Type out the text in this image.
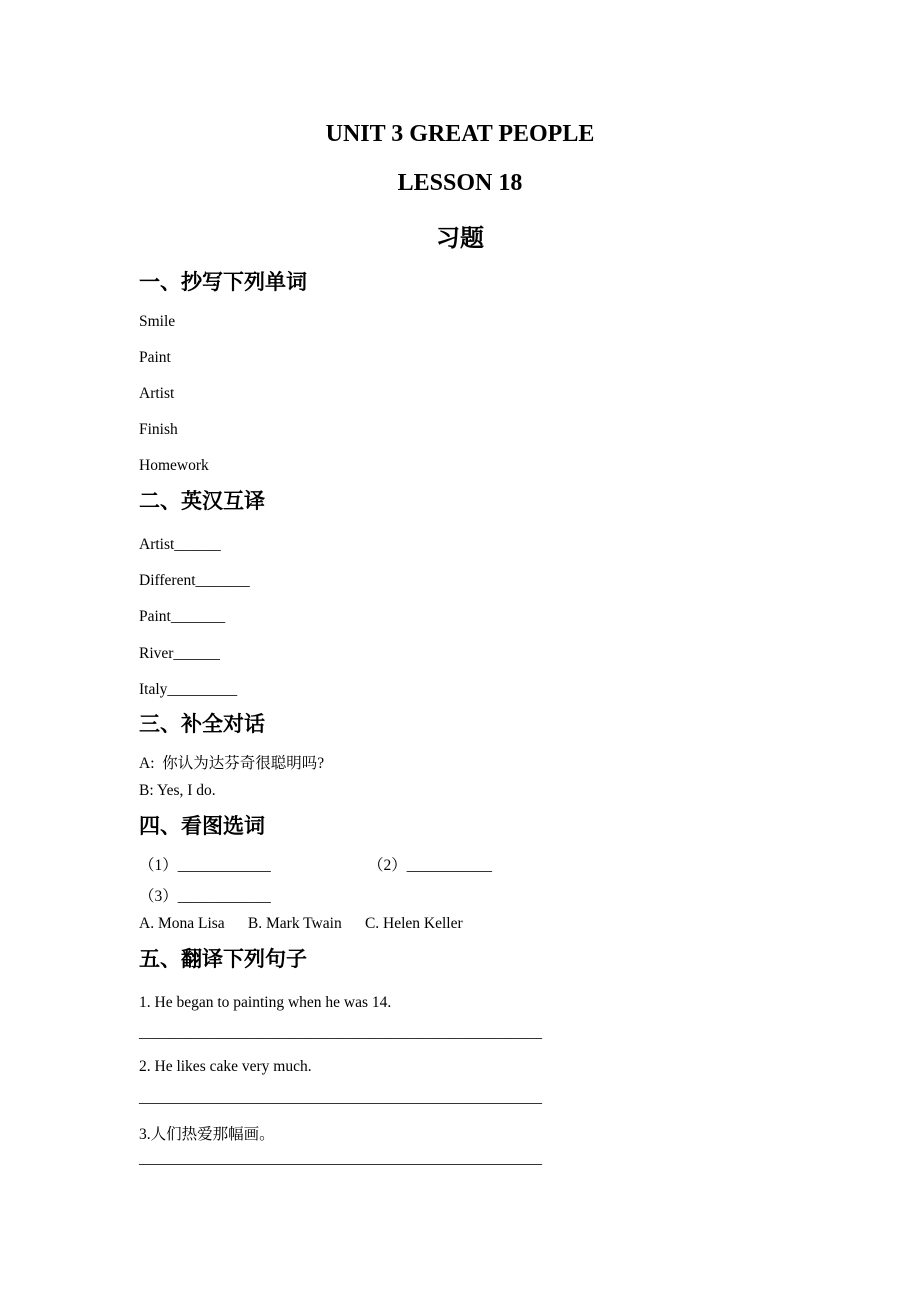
UNIT 3 GREAT PEOPLE
LESSON 18
习题
一、抄写下列单词
Smile
Paint
Artist
Finish
Homework
二、英汉互译
Artist______
Different_______
Paint_______
River______
Italy_________
三、补全对话
A:  你认为达芬奇很聪明吗?
B: Yes, I do.
四、看图选词
（1）____________	（2）___________
（3）____________
A. Mona Lisa      B. Mark Twain      C. Helen Keller
五、翻译下列句子
1. He began to painting when he was 14.
____________________________________________________
2. He likes cake very much.
____________________________________________________
3.人们热爱那幅画。
____________________________________________________
